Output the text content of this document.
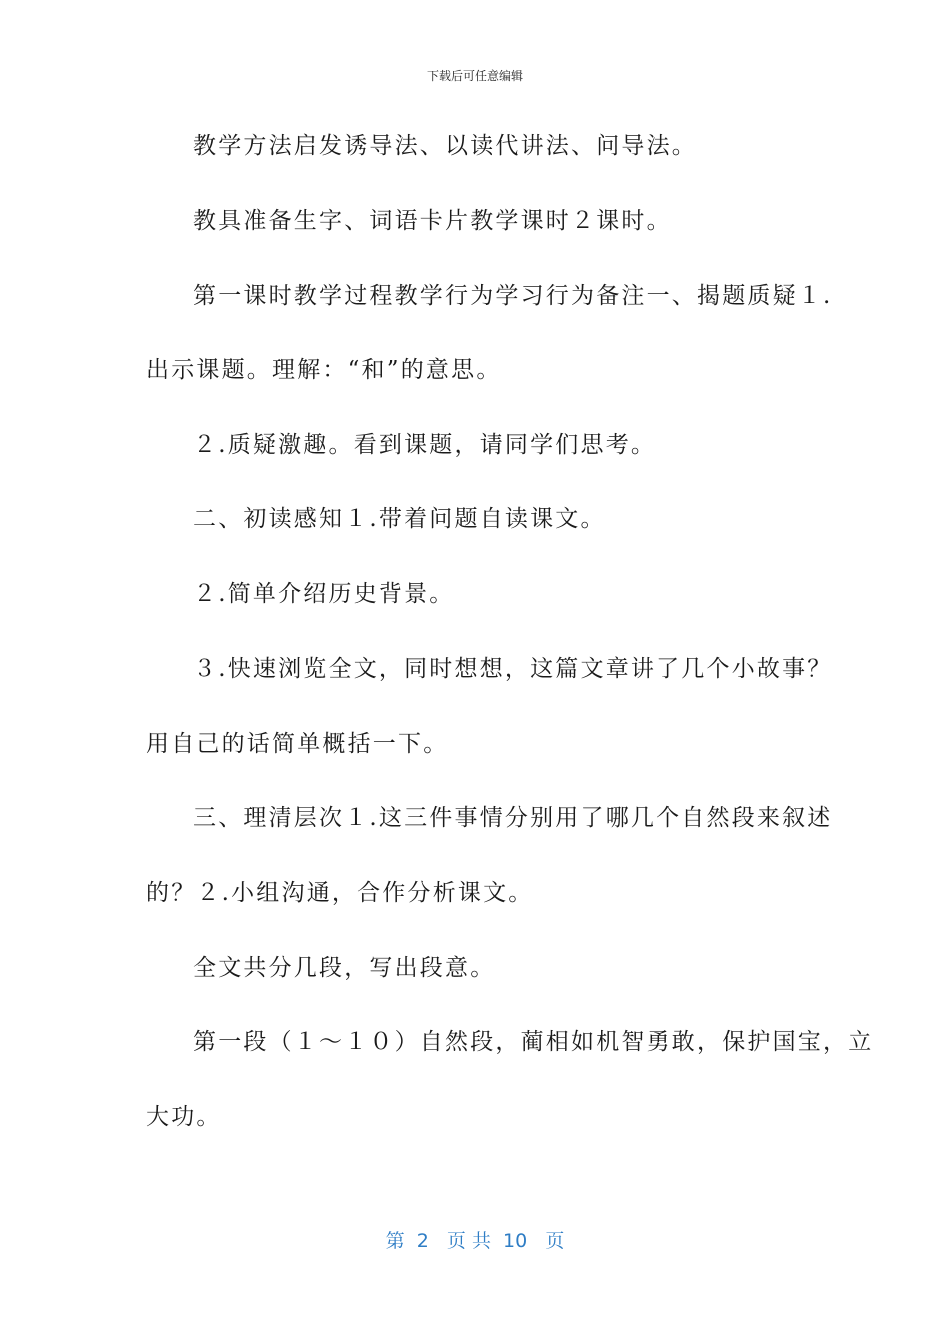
下载后可任意编辑
教学方法启发诱导法、以读代讲法、问导法。
教具准备生字、词语卡片教学课时２课时。
第一课时教学过程教学行为学习行为备注一、揭题质疑１.
出示课题。理解：“和”的意思。
２.质疑激趣。看到课题，请同学们思考。
二、初读感知１.带着问题自读课文。
２.简单介绍历史背景。
３.快速浏览全文，同时想想，这篇文章讲了几个小故事？
用自己的话简单概括一下。
三、理清层次１.这三件事情分别用了哪几个自然段来叙述
的？２.小组沟通，合作分析课文。
全文共分几段，写出段意。
第一段（１～１０）自然段，蔺相如机智勇敢，保护国宝，立
大功。
第  2   页 共  10   页
